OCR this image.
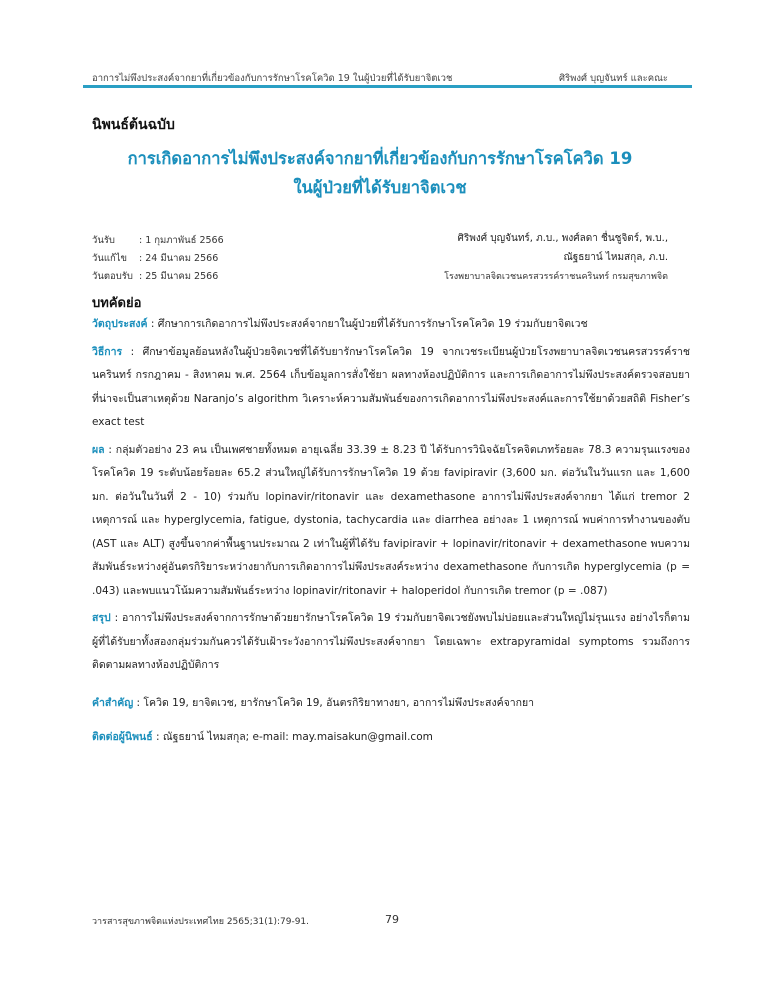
อาการไม่พึงประสงค์จากยาที่เกี่ยวข้องกับการรักษาโรคโควิด 19 ในผู้ป่วยที่ได้รับยาจิตเวช	ศิริพงศ์ บุญจันทร์ และคณะ
นิพนธ์ต้นฉบับ
การเกิดอาการไม่พึงประสงค์จากยาที่เกี่ยวข้องกับการรักษาโรคโควิด 19
ในผู้ป่วยที่ได้รับยาจิตเวช
วันรับ	: 1 กุมภาพันธ์ 2566
วันแก้ไข	: 24 มีนาคม 2566
วันตอบรับ : 25 มีนาคม 2566
ศิริพงศ์ บุญจันทร์, ภ.บ., พงศ์ลดา ชื่นชูจิตร์, พ.บ.,
ณัฐธยาน์ ไหมสกุล, ภ.บ.
โรงพยาบาลจิตเวชนครสวรรค์ราชนครินทร์ กรมสุขภาพจิต
บทคัดย่อ

วัตถุประสงค์ : ศึกษาการเกิดอาการไม่พึงประสงค์จากยาในผู้ป่วยที่ได้รับการรักษาโรคโควิด 19 ร่วมกับยาจิตเวช

วิธีการ : ศึกษาข้อมูลย้อนหลังในผู้ป่วยจิตเวชที่ได้รับยารักษาโรคโควิด 19 จากเวชระเบียนผู้ป่วยโรงพยาบาลจิตเวชนครสวรรค์ราชนครินทร์ กรกฎาคม - สิงหาคม พ.ศ. 2564 เก็บข้อมูลการสั่งใช้ยา ผลทางห้องปฏิบัติการ และการเกิดอาการไม่พึงประสงค์ตรวจสอบยาที่น่าจะเป็นสาเหตุด้วย Naranjo’s algorithm วิเคราะห์ความสัมพันธ์ของการเกิดอาการไม่พึงประสงค์และการใช้ยาด้วยสถิติ Fisher’s exact test

ผล : กลุ่มตัวอย่าง 23 คน เป็นเพศชายทั้งหมด อายุเฉลี่ย 33.39 ± 8.23 ปี ได้รับการวินิจฉัยโรคจิตเภทร้อยละ 78.3 ความรุนแรงของโรคโควิด 19 ระดับน้อยร้อยละ 65.2 ส่วนใหญ่ได้รับการรักษาโควิด 19 ด้วย favipiravir (3,600 มก. ต่อวันในวันแรก และ 1,600 มก. ต่อวันในวันที่ 2 - 10) ร่วมกับ lopinavir/ritonavir และ dexamethasone อาการไม่พึงประสงค์จากยา ได้แก่ tremor 2 เหตุการณ์ และ hyperglycemia, fatigue, dystonia, tachycardia และ diarrhea อย่างละ 1 เหตุการณ์ พบค่าการทำงานของตับ (AST และ ALT) สูงขึ้นจากค่าพื้นฐานประมาณ 2 เท่าในผู้ที่ได้รับ favipiravir + lopinavir/ritonavir + dexamethasone พบความสัมพันธ์ระหว่างคู่อันตรกิริยาระหว่างยากับการเกิดอาการไม่พึงประสงค์ระหว่าง dexamethasone กับการเกิด hyperglycemia (p = .043) และพบแนวโน้มความสัมพันธ์ระหว่าง lopinavir/ritonavir + haloperidol กับการเกิด tremor (p = .087)

สรุป : อาการไม่พึงประสงค์จากการรักษาด้วยยารักษาโรคโควิด 19 ร่วมกับยาจิตเวชยังพบไม่บ่อยและส่วนใหญ่ไม่รุนแรง อย่างไรก็ตามผู้ที่ได้รับยาทั้งสองกลุ่มร่วมกันควรได้รับเฝ้าระวังอาการไม่พึงประสงค์จากยา โดยเฉพาะ extrapyramidal symptoms รวมถึงการติดตามผลทางห้องปฏิบัติการ

คำสำคัญ : โควิด 19, ยาจิตเวช, ยารักษาโควิด 19, อันตรกิริยาทางยา, อาการไม่พึงประสงค์จากยา
ติดต่อผู้นิพนธ์ : ณัฐธยาน์ ไหมสกุล; e-mail: may.maisakun@gmail.com
วารสารสุขภาพจิตแห่งประเทศไทย 2565;31(1):79-91.	79
